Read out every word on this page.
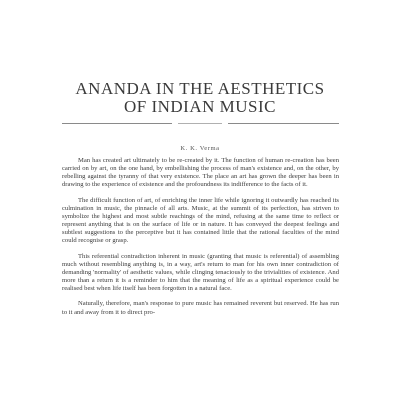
ANANDA IN THE AESTHETICS
OF INDIAN MUSIC
K. K. Verma

Man has created art ultimately to be re-created by it. The function of human re-creation has been carried on by art, on the one hand, by embellishing the process of man's existence and, on the other, by rebelling against the tyranny of that very existence. The place an art has grown the deeper has been in drawing to the experience of existence and the profoundness its indifference to the facts of it.

The difficult function of art, of enriching the inner life while ignoring it outwardly has reached its culmination in music, the pinnacle of all arts. Music, at the summit of its perfection, has striven to symbolize the highest and most subtle reachings of the mind, refusing at the same time to reflect or represent anything that is on the surface of life or in nature. It has conveyed the deepest feelings and subtlest suggestions to the perceptive but it has contained little that the rational faculties of the mind could recognise or grasp.

This referential contradiction inherent in music (granting that music is referential) of assembling much without resembling anything is, in a way, art's return to man for his own inner contradiction of demanding 'normality' of aesthetic values, while clinging tenaciously to the trivialities of existence. And more than a return it is a reminder to him that the meaning of life as a spiritual experience could be realised best when life itself has been forgotten in a natural face.

Naturally, therefore, man's response to pure music has remained reverent but reserved. He has run to it and away from it to direct pro-
